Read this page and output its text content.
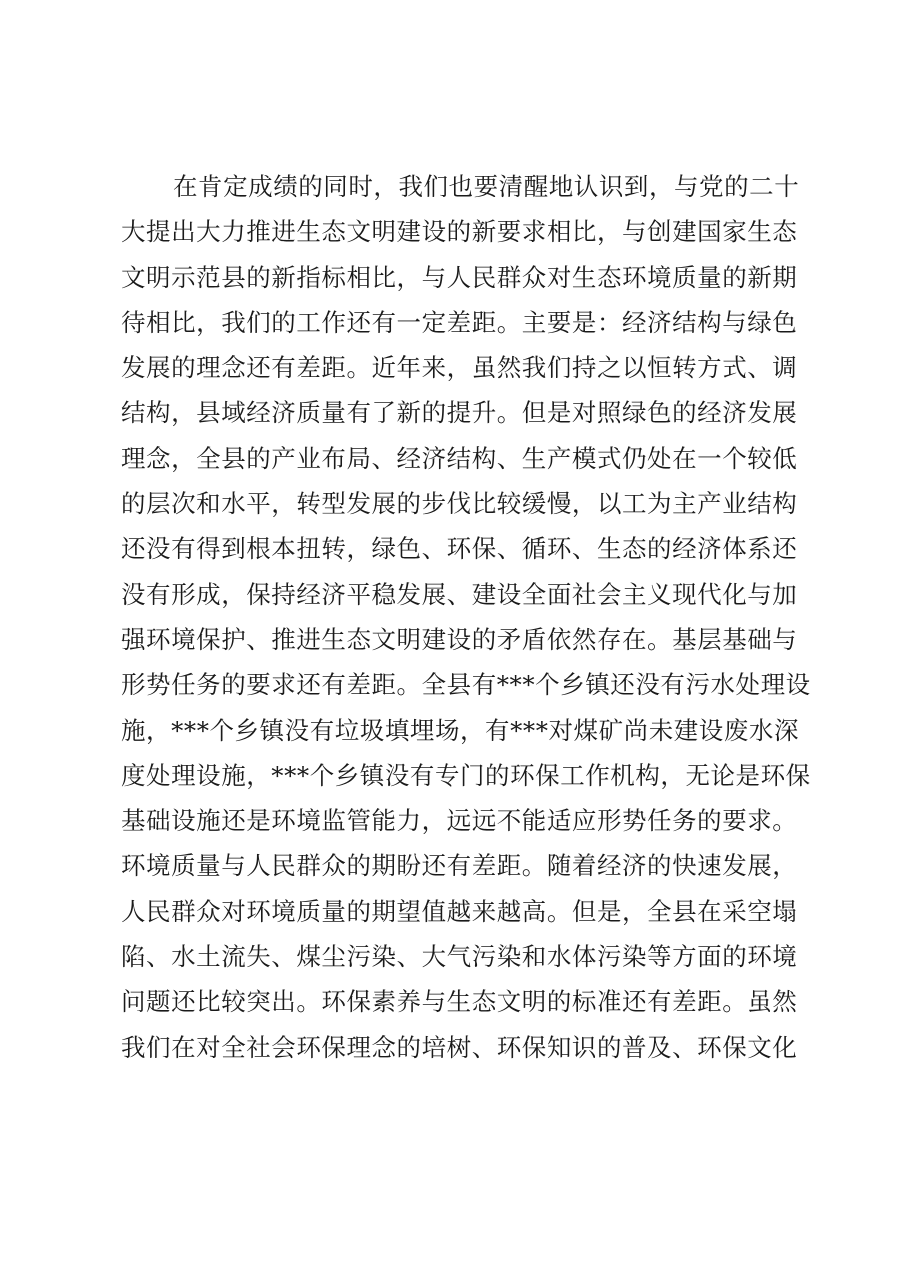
在肯定成绩的同时，我们也要清醒地认识到，与党的二十
大提出大力推进生态文明建设的新要求相比，与创建国家生态
文明示范县的新指标相比，与人民群众对生态环境质量的新期
待相比，我们的工作还有一定差距。主要是：经济结构与绿色
发展的理念还有差距。近年来，虽然我们持之以恒转方式、调
结构，县域经济质量有了新的提升。但是对照绿色的经济发展
理念，全县的产业布局、经济结构、生产模式仍处在一个较低
的层次和水平，转型发展的步伐比较缓慢，以工为主产业结构
还没有得到根本扭转，绿色、环保、循环、生态的经济体系还
没有形成，保持经济平稳发展、建设全面社会主义现代化与加
强环境保护、推进生态文明建设的矛盾依然存在。基层基础与
形势任务的要求还有差距。全县有***个乡镇还没有污水处理设
施，***个乡镇没有垃圾填埋场，有***对煤矿尚未建设废水深
度处理设施，***个乡镇没有专门的环保工作机构，无论是环保
基础设施还是环境监管能力，远远不能适应形势任务的要求。
环境质量与人民群众的期盼还有差距。随着经济的快速发展，
人民群众对环境质量的期望值越来越高。但是，全县在采空塌
陷、水土流失、煤尘污染、大气污染和水体污染等方面的环境
问题还比较突出。环保素养与生态文明的标准还有差距。虽然
我们在对全社会环保理念的培树、环保知识的普及、环保文化
